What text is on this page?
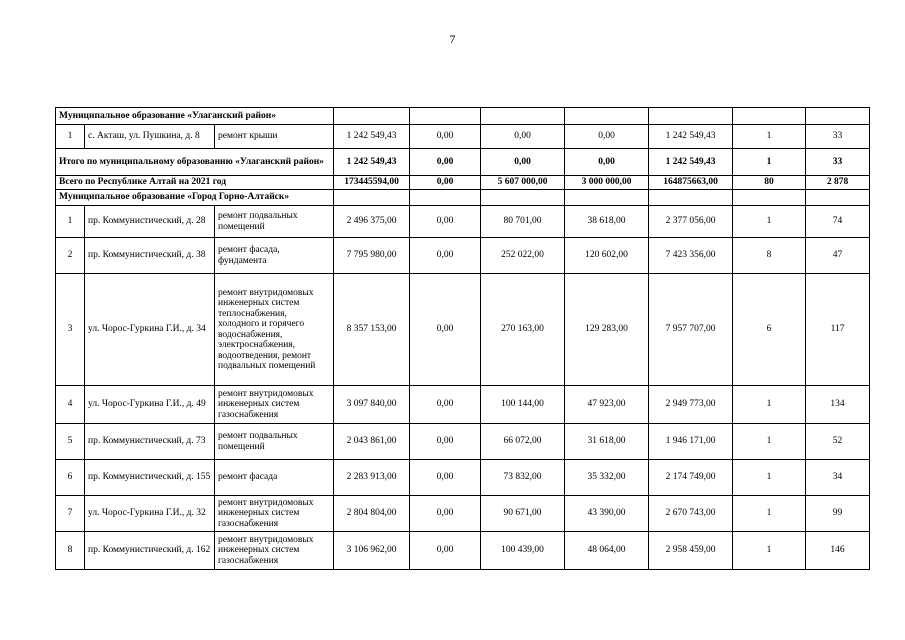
7
Муниципальное образование «Улаганский район»									
1	с. Акташ, ул. Пушкина, д. 8	ремонт крыши	1 242 549,43	0,00	0,00	0,00	1 242 549,43	1	33
Итого по муниципальному образованию «Улаганский район»			1 242 549,43	0,00	0,00	0,00	1 242 549,43	1	33
Всего по Республике Алтай на 2021 год			173445594,00	0,00	5 607 000,00	3 000 000,00	164875663,00	80	2 878
Муниципальное образование «Город Горно-Алтайск»									
1	пр. Коммунистический, д. 28	ремонт подвальных помещений	2 496 375,00	0,00	80 701,00	38 618,00	2 377 056,00	1	74
2	пр. Коммунистический, д. 38	ремонт фасада, фундамента	7 795 980,00	0,00	252 022,00	120 602,00	7 423 356,00	8	47
3	ул. Чорос-Гуркина Г.И., д. 34	ремонт внутридомовых инженерных систем теплоснабжения, холодного и горячего водоснабжения, электроснабжения, водоотведения, ремонт подвальных помещений	8 357 153,00	0,00	270 163,00	129 283,00	7 957 707,00	6	117
4	ул. Чорос-Гуркина Г.И., д. 49	ремонт внутридомовых инженерных систем газоснабжения	3 097 840,00	0,00	100 144,00	47 923,00	2 949 773,00	1	134
5	пр. Коммунистический, д. 73	ремонт подвальных помещений	2 043 861,00	0,00	66 072,00	31 618,00	1 946 171,00	1	52
6	пр. Коммунистический, д. 155	ремонт фасада	2 283 913,00	0,00	73 832,00	35 332,00	2 174 749,00	1	34
7	ул. Чорос-Гуркина Г.И., д. 32	ремонт внутридомовых инженерных систем газоснабжения	2 804 804,00	0,00	90 671,00	43 390,00	2 670 743,00	1	99
8	пр. Коммунистический, д. 162	ремонт внутридомовых инженерных систем газоснабжения	3 106 962,00	0,00	100 439,00	48 064,00	2 958 459,00	1	146
